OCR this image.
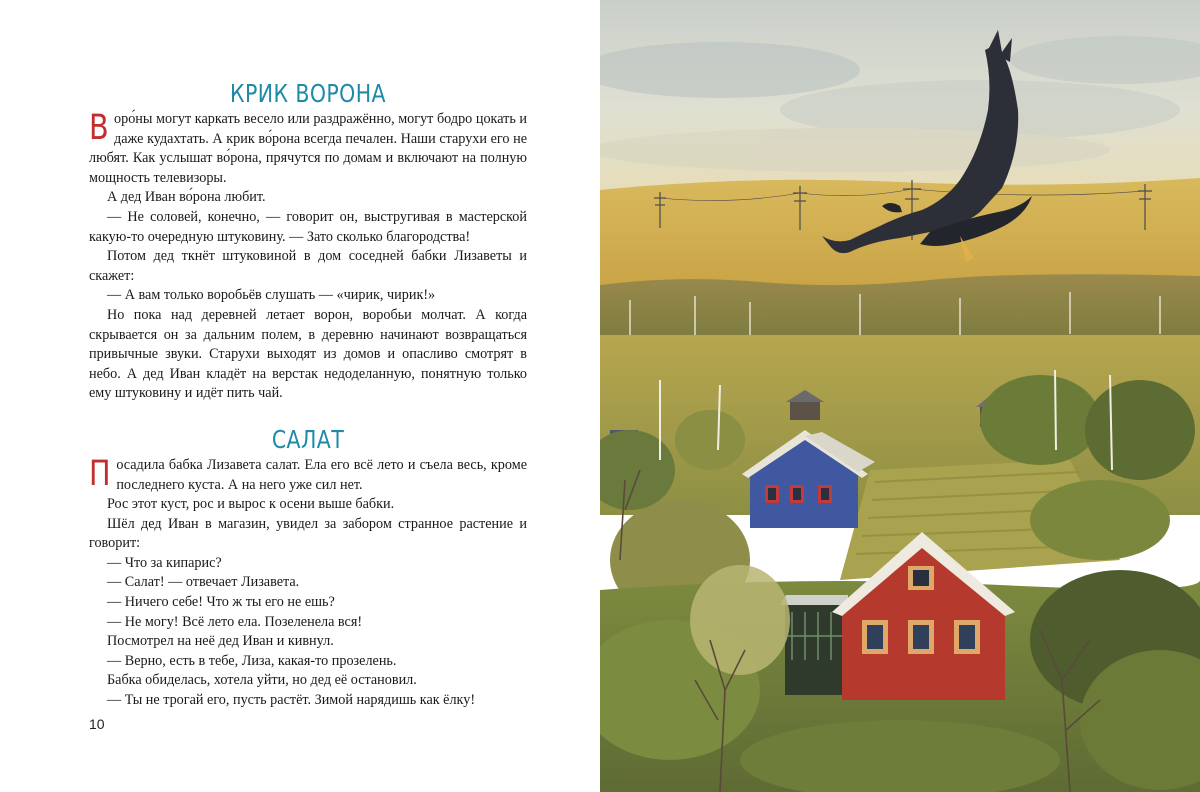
КРИК ВОРОНА

Воро́ны могут каркать весело или раздражённо, могут бодро цокать и даже кудахтать. А крик во́рона всегда печален. Наши старухи его не любят. Как услышат во́рона, прячутся по домам и включают на полную мощность телевизоры.

А дед Иван во́рона любит.

— Не соловей, конечно, — говорит он, выстругивая в мастерской какую-то очередную штуковину. — Зато сколько благородства!

Потом дед ткнёт штуковиной в дом соседней бабки Лизаветы и скажет:

— А вам только воробьёв слушать — «чирик, чирик!»

Но пока над деревней летает ворон, воробьи молчат. А когда скрывается он за дальним полем, в деревню начинают возвращаться привычные звуки. Старухи выходят из домов и опасливо смотрят в небо. А дед Иван кладёт на верстак недоделанную, понятную только ему штуковину и идёт пить чай.

САЛАТ

Посадила бабка Лизавета салат. Ела его всё лето и съела весь, кроме последнего куста. А на него уже сил нет.

Рос этот куст, рос и вырос к осени выше бабки.

Шёл дед Иван в магазин, увидел за забором странное растение и говорит:

— Что за кипарис?

— Салат! — отвечает Лизавета.

— Ничего себе! Что ж ты его не ешь?

— Не могу! Всё лето ела. Позеленела вся!

Посмотрел на неё дед Иван и кивнул.

— Верно, есть в тебе, Лиза, какая-то прозелень.

Бабка обиделась, хотела уйти, но дед её остановил.

— Ты не трогай его, пусть растёт. Зимой нарядишь как ёлку!

10
